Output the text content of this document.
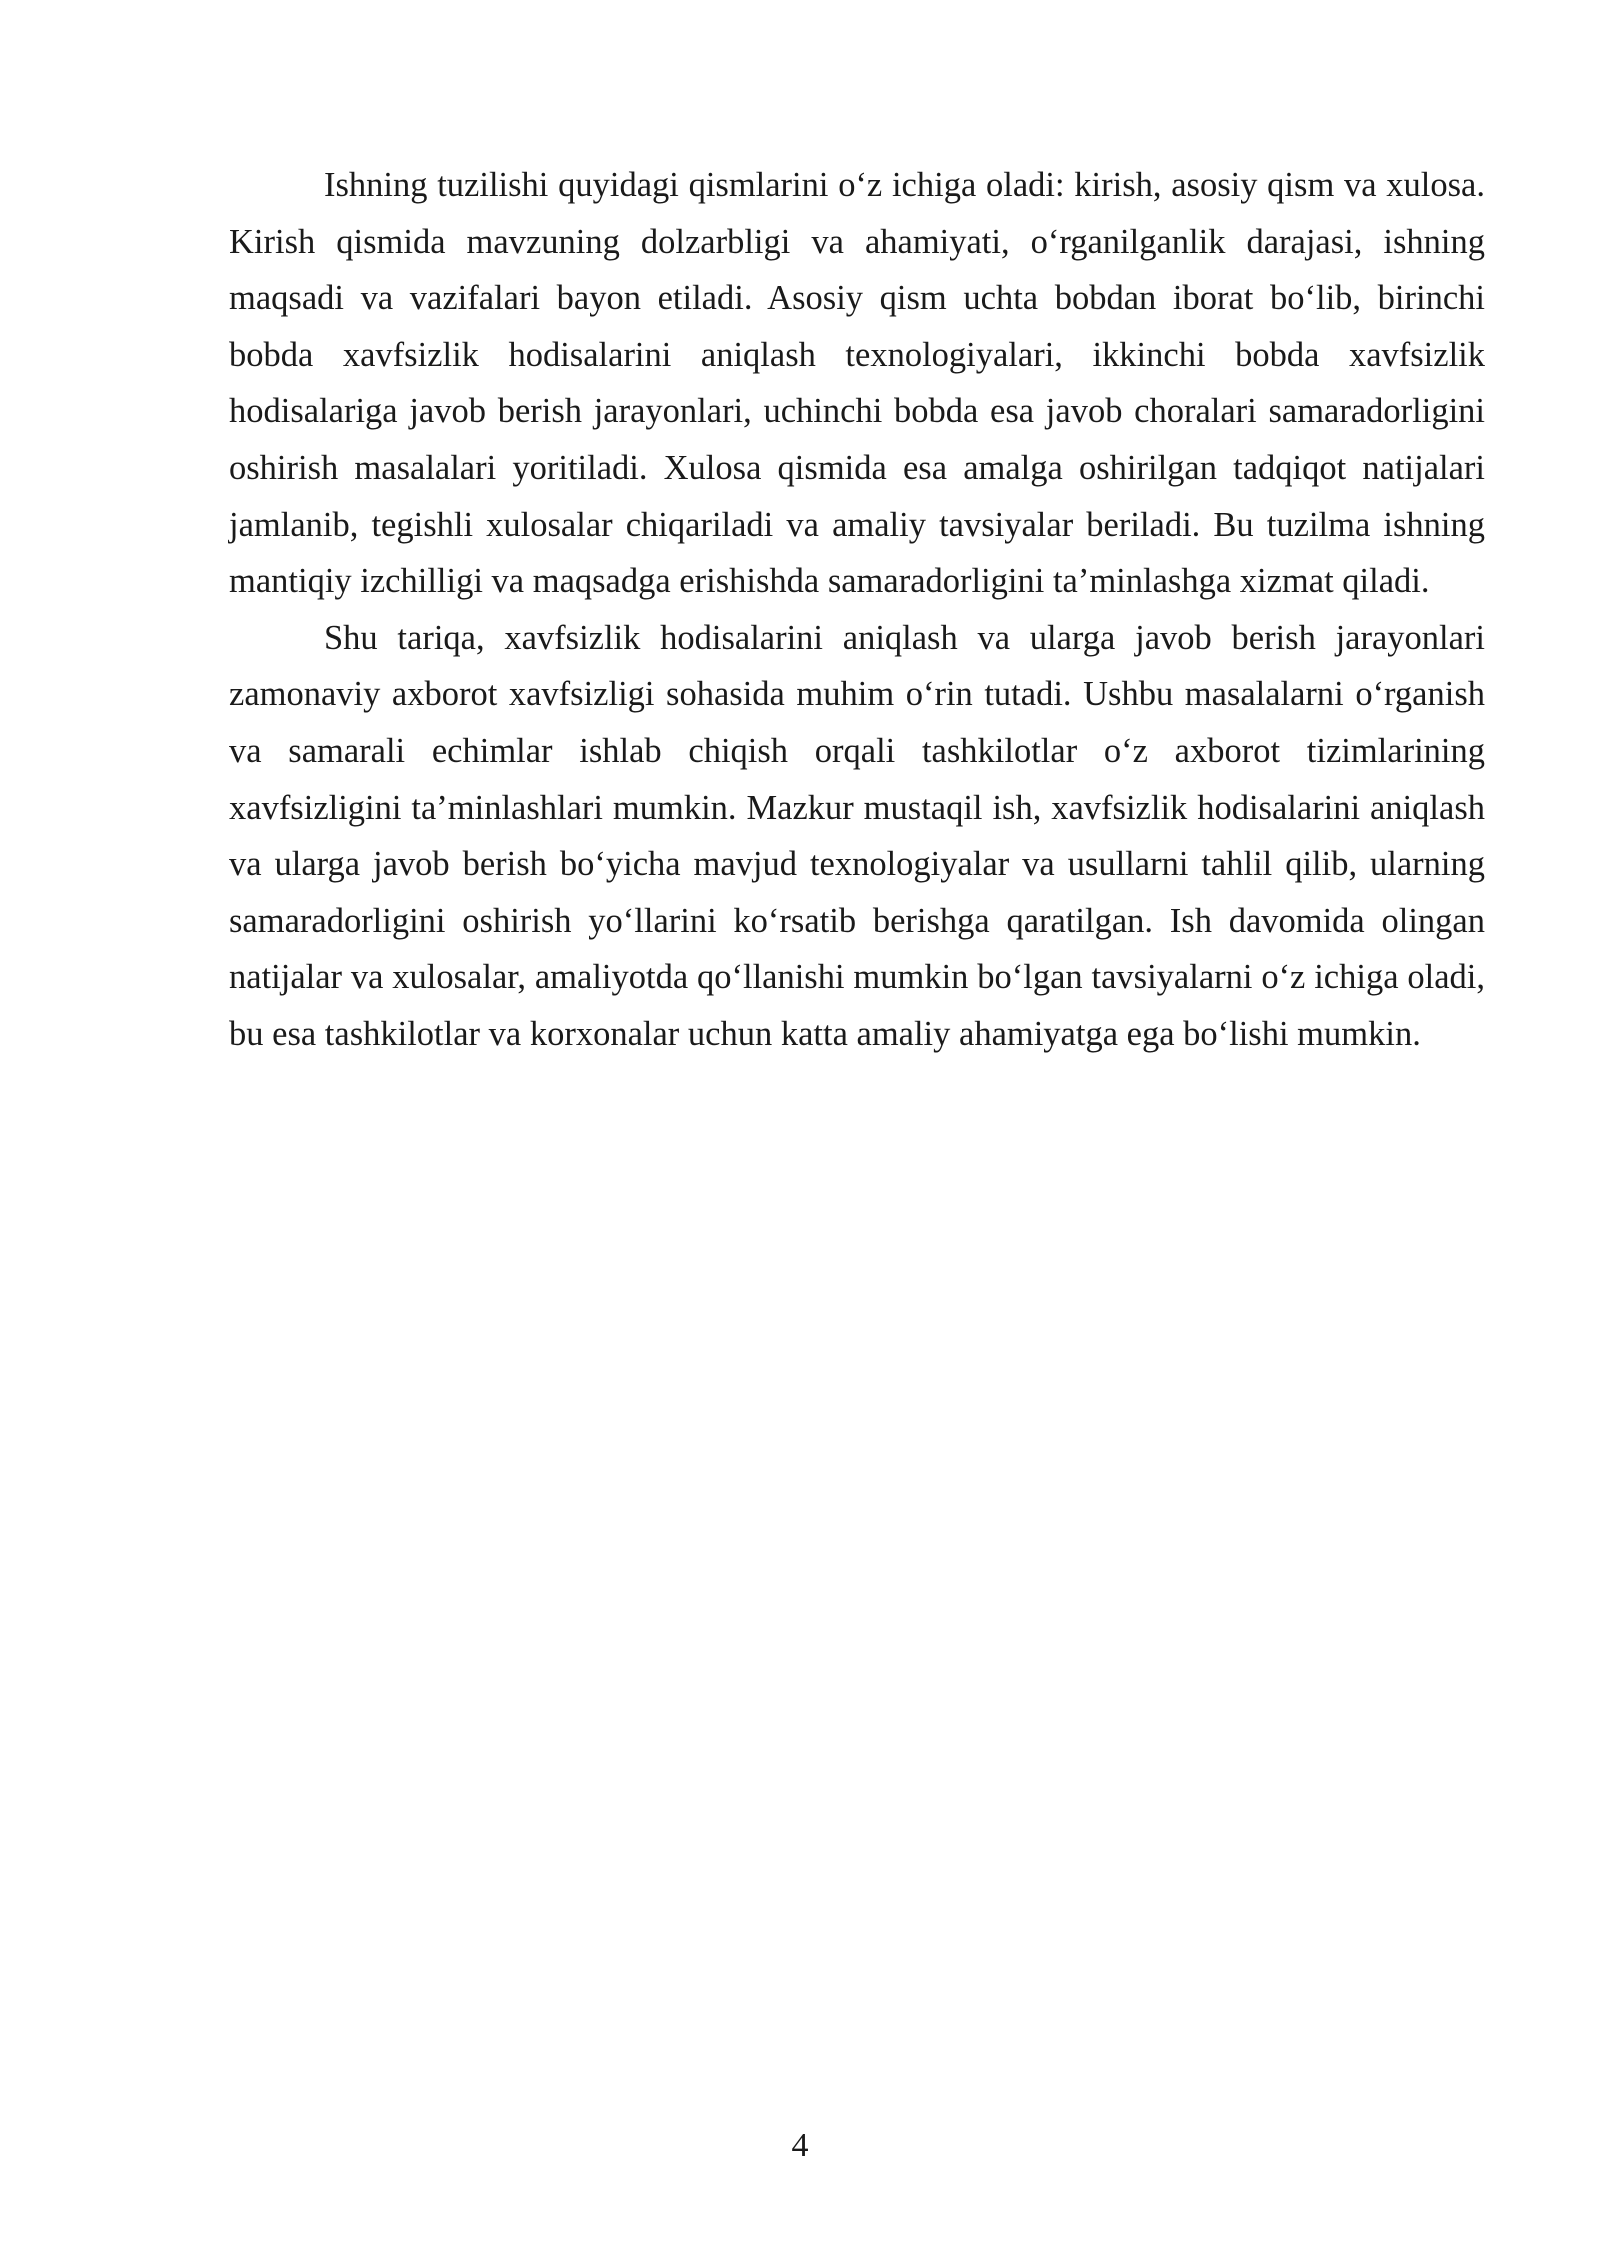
Ishning tuzilishi quyidagi qismlarini o‘z ichiga oladi: kirish, asosiy qism va xulosa. Kirish qismida mavzuning dolzarbligi va ahamiyati, o‘rganilganlik darajasi, ishning maqsadi va vazifalari bayon etiladi. Asosiy qism uchta bobdan iborat bo‘lib, birinchi bobda xavfsizlik hodisalarini aniqlash texnologiyalari, ikkinchi bobda xavfsizlik hodisalariga javob berish jarayonlari, uchinchi bobda esa javob choralari samaradorligini oshirish masalalari yoritiladi. Xulosa qismida esa amalga oshirilgan tadqiqot natijalari jamlanib, tegishli xulosalar chiqariladi va amaliy tavsiyalar beriladi. Bu tuzilma ishning mantiqiy izchilligi va maqsadga erishishda samaradorligini ta’minlashga xizmat qiladi.

Shu tariqa, xavfsizlik hodisalarini aniqlash va ularga javob berish jarayonlari zamonaviy axborot xavfsizligi sohasida muhim o‘rin tutadi. Ushbu masalalarni o‘rganish va samarali echimlar ishlab chiqish orqali tashkilotlar o‘z axborot tizimlarining xavfsizligini ta’minlashlari mumkin. Mazkur mustaqil ish, xavfsizlik hodisalarini aniqlash va ularga javob berish bo‘yicha mavjud texnologiyalar va usullarni tahlil qilib, ularning samaradorligini oshirish yo‘llarini ko‘rsatib berishga qaratilgan. Ish davomida olingan natijalar va xulosalar, amaliyotda qo‘llanishi mumkin bo‘lgan tavsiyalarni o‘z ichiga oladi, bu esa tashkilotlar va korxonalar uchun katta amaliy ahamiyatga ega bo‘lishi mumkin.

4
